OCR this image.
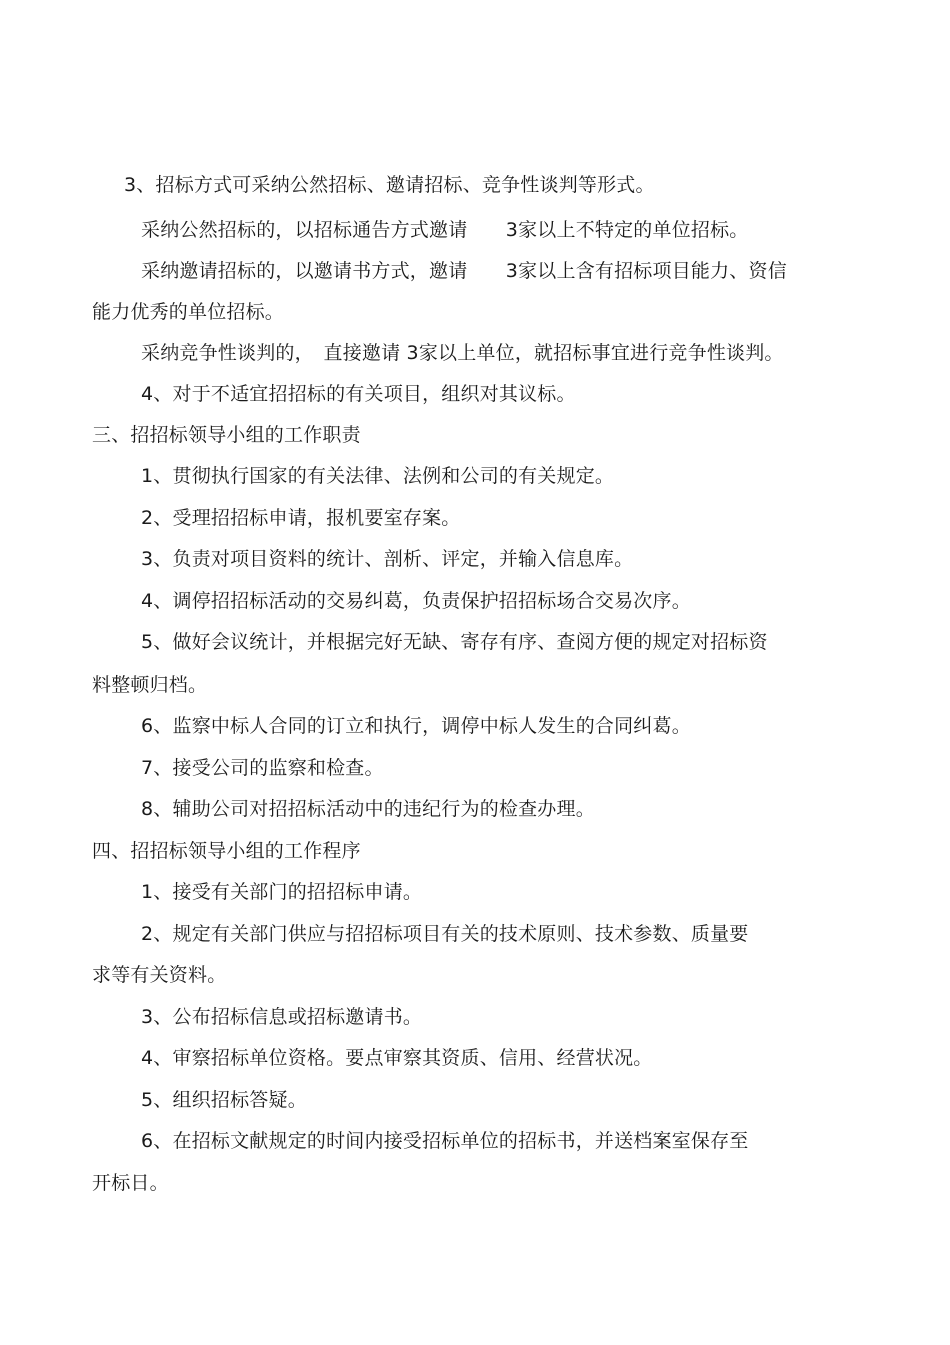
3、招标方式可采纳公然招标、邀请招标、竞争性谈判等形式。
采纳公然招标的，以招标通告方式邀请　　3家以上不特定的单位招标。
采纳邀请招标的，以邀请书方式，邀请　　3家以上含有招标项目能力、资信
能力优秀的单位招标。
采纳竞争性谈判的，　直接邀请 3家以上单位，就招标事宜进行竞争性谈判。
4、对于不适宜招招标的有关项目，组织对其议标。
三、招招标领导小组的工作职责
1、贯彻执行国家的有关法律、法例和公司的有关规定。
2、受理招招标申请，报机要室存案。
3、负责对项目资料的统计、剖析、评定，并输入信息库。
4、调停招招标活动的交易纠葛，负责保护招招标场合交易次序。
5、做好会议统计，并根据完好无缺、寄存有序、查阅方便的规定对招标资
料整顿归档。
6、监察中标人合同的订立和执行，调停中标人发生的合同纠葛。
7、接受公司的监察和检查。
8、辅助公司对招招标活动中的违纪行为的检查办理。
四、招招标领导小组的工作程序
1、接受有关部门的招招标申请。
2、规定有关部门供应与招招标项目有关的技术原则、技术参数、质量要
求等有关资料。
3、公布招标信息或招标邀请书。
4、审察招标单位资格。要点审察其资质、信用、经营状况。
5、组织招标答疑。
6、在招标文献规定的时间内接受招标单位的招标书，并送档案室保存至
开标日。
